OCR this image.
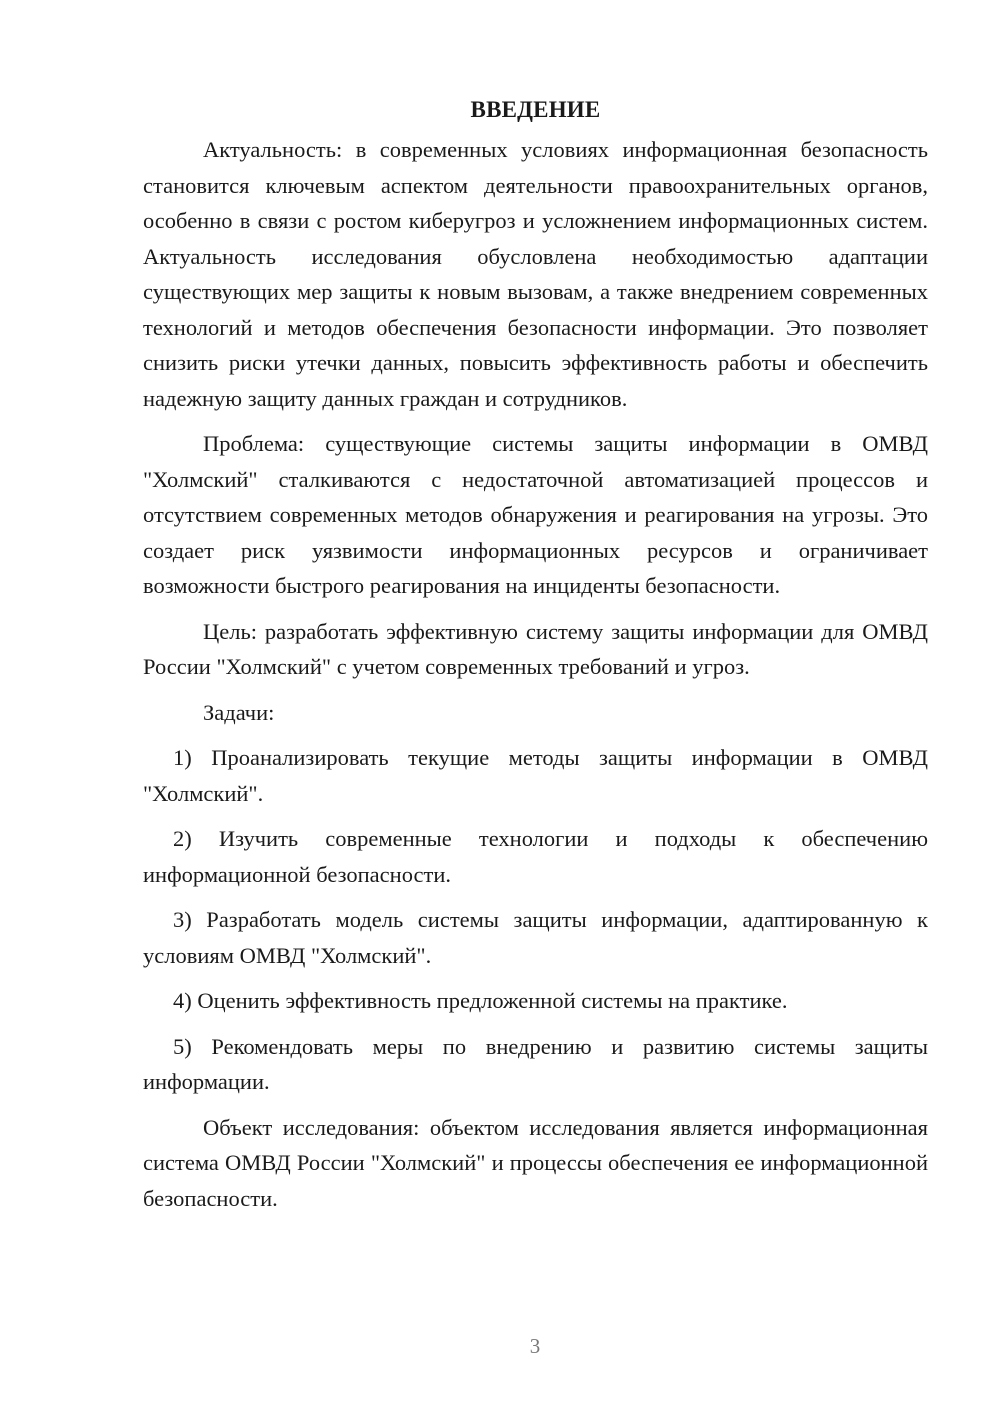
ВВЕДЕНИЕ

Актуальность: в современных условиях информационная безопасность становится ключевым аспектом деятельности правоохранительных органов, особенно в связи с ростом киберугроз и усложнением информационных систем. Актуальность исследования обусловлена необходимостью адаптации существующих мер защиты к новым вызовам, а также внедрением современных технологий и методов обеспечения безопасности информации. Это позволяет снизить риски утечки данных, повысить эффективность работы и обеспечить надежную защиту данных граждан и сотрудников.

Проблема: существующие системы защиты информации в ОМВД "Холмский" сталкиваются с недостаточной автоматизацией процессов и отсутствием современных методов обнаружения и реагирования на угрозы. Это создает риск уязвимости информационных ресурсов и ограничивает возможности быстрого реагирования на инциденты безопасности.

Цель: разработать эффективную систему защиты информации для ОМВД России "Холмский" с учетом современных требований и угроз.

Задачи:

1) Проанализировать текущие методы защиты информации в ОМВД "Холмский".

2) Изучить современные технологии и подходы к обеспечению информационной безопасности.

3) Разработать модель системы защиты информации, адаптированную к условиям ОМВД "Холмский".

4) Оценить эффективность предложенной системы на практике.

5) Рекомендовать меры по внедрению и развитию системы защиты информации.

Объект исследования: объектом исследования является информационная система ОМВД России "Холмский" и процессы обеспечения ее информационной безопасности.

3
